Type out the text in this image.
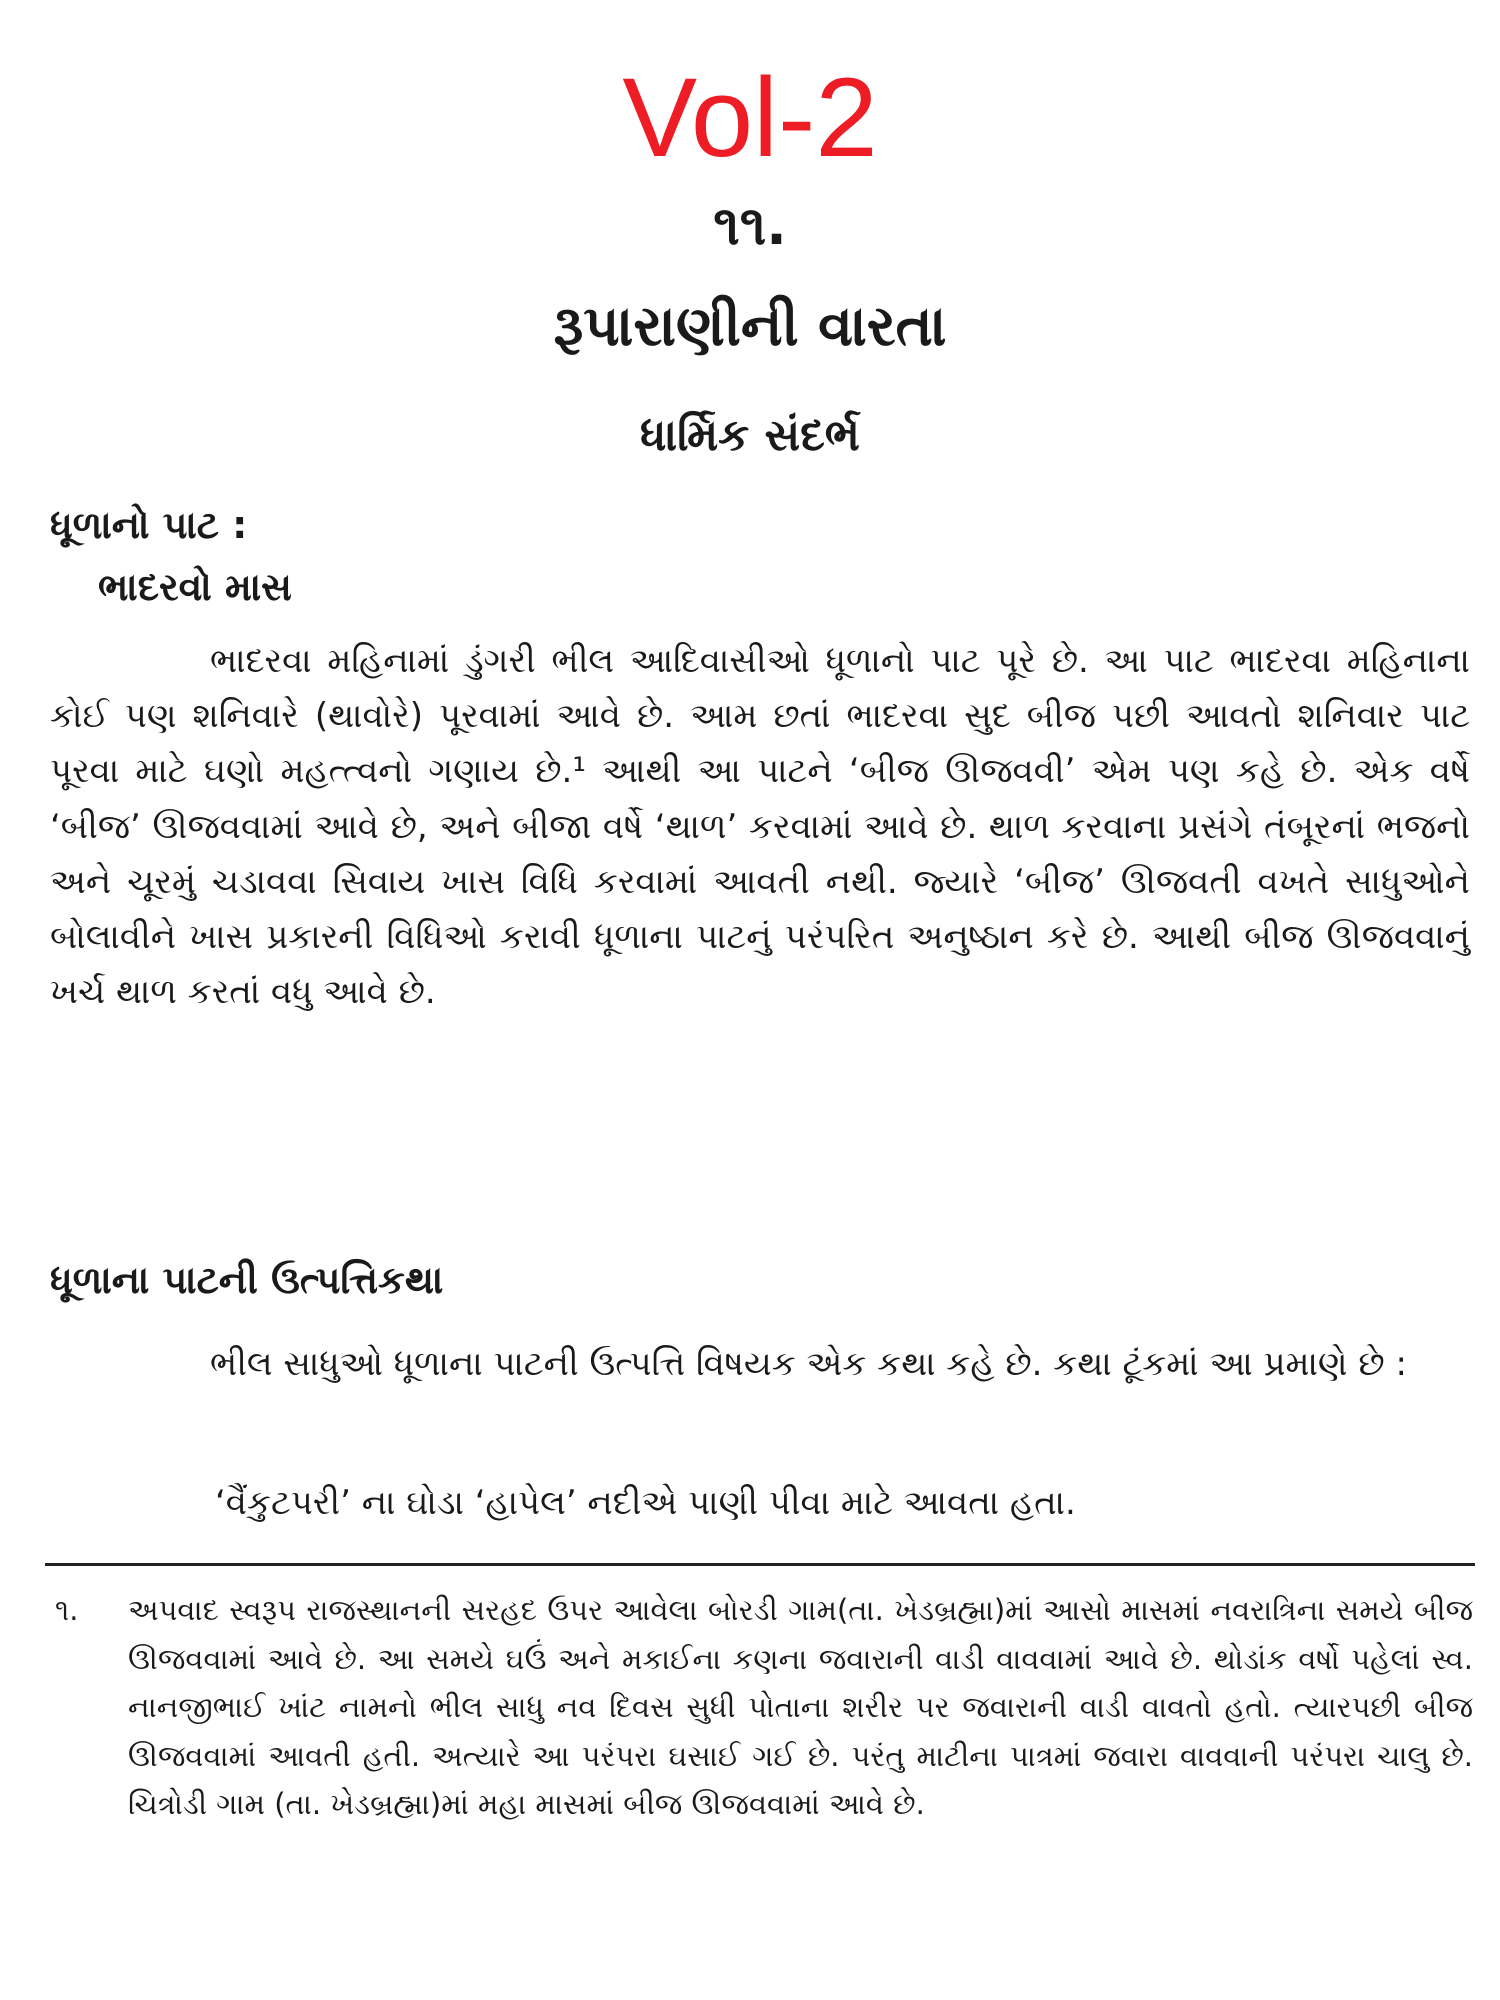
Vol-2
૧૧.
રૂપારાણીની વારતા
ધાર્મિક સંદર્ભ
ધૂળાનો પાટ :
ભાદરવો માસ

ભાદરવા મહિનામાં ડુંગરી ભીલ આદિવાસીઓ ધૂળાનો પાટ પૂરે છે. આ પાટ ભાદરવા મહિનાના કોઈ પણ શનિવારે (થાવોરે) પૂરવામાં આવે છે. આમ છતાં ભાદરવા સુદ બીજ પછી આવતો શનિવાર પાટ પૂરવા માટે ઘણો મહત્ત્વનો ગણાય છે.¹ આથી આ પાટને ‘બીજ ઊજવવી’ એમ પણ કહે છે. એક વર્ષે ‘બીજ’ ઊજવવામાં આવે છે, અને બીજા વર્ષે ‘થાળ’ કરવામાં આવે છે. થાળ કરવાના પ્રસંગે તંબૂરનાં ભજનો અને ચૂરમું ચડાવવા સિવાય ખાસ વિધિ કરવામાં આવતી નથી. જ્યારે ‘બીજ’ ઊજવતી વખતે સાધુઓને બોલાવીને ખાસ પ્રકારની વિધિઓ કરાવી ધૂળાના પાટનું પરંપરિત અનુષ્ઠાન કરે છે. આથી બીજ ઊજવવાનું ખર્ચ થાળ કરતાં વધુ આવે છે.

ધૂળાના પાટની ઉત્પત્તિકથા

ભીલ સાધુઓ ધૂળાના પાટની ઉત્પત્તિ વિષયક એક કથા કહે છે. કથા ટૂંકમાં આ પ્રમાણે છે :

‘વૈંકુટપરી’ ના ઘોડા ‘હાપેલ’ નદીએ પાણી પીવા માટે આવતા હતા.

૧. અપવાદ સ્વરૂપ રાજસ્થાનની સરહદ ઉપર આવેલા બોરડી ગામ(તા. ખેડબ્રહ્મા)માં આસો માસમાં નવરાત્રિના સમયે બીજ ઊજવવામાં આવે છે. આ સમયે ઘઉં અને મકાઈના કણના જવારાની વાડી વાવવામાં આવે છે. થોડાંક વર્ષો પહેલાં સ્વ. નાનજીભાઈ ખાંટ નામનો ભીલ સાધુ નવ દિવસ સુધી પોતાના શરીર પર જવારાની વાડી વાવતો હતો. ત્યારપછી બીજ ઊજવવામાં આવતી હતી. અત્યારે આ પરંપરા ઘસાઈ ગઈ છે. પરંતુ માટીના પાત્રમાં જવારા વાવવાની પરંપરા ચાલુ છે. ચિત્રોડી ગામ (તા. ખેડબ્રહ્મા)માં મહા માસમાં બીજ ઊજવવામાં આવે છે.
